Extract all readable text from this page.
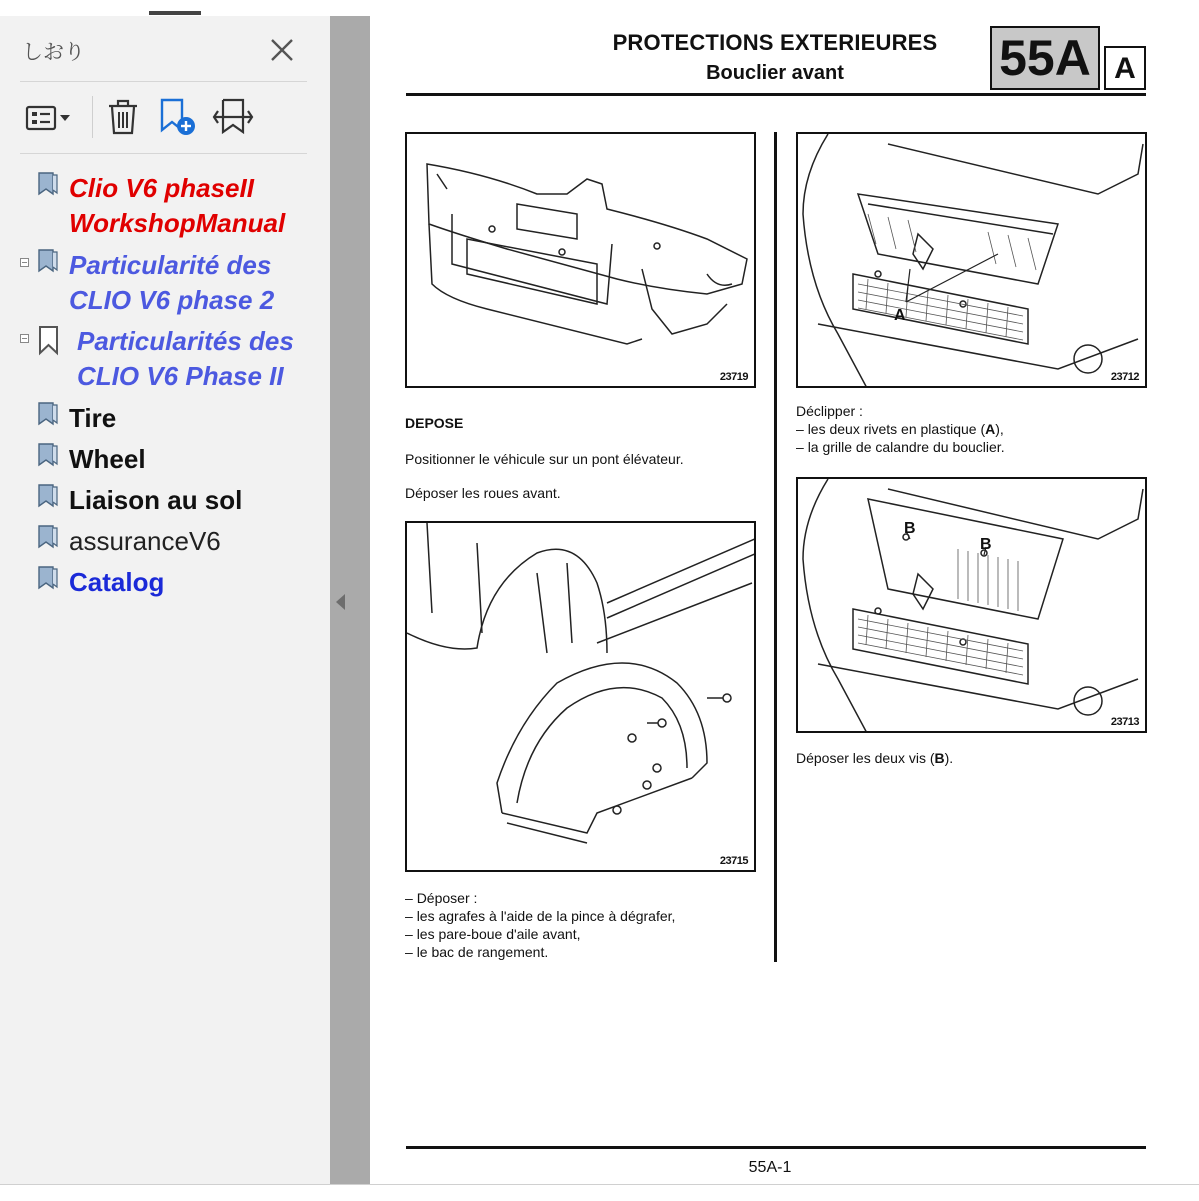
しおり
Clio V6 phaseII
WorkshopManual
Particularité des
CLIO V6 phase 2
Particularités des
CLIO V6 Phase II
Tire
Wheel
Liaison au sol
assuranceV6
Catalog
PROTECTIONS EXTERIEURES
Bouclier avant	55A A
23719
DEPOSE
Positionner le véhicule sur un pont élévateur.
Déposer les roues avant.
23715
– Déposer :
– les agrafes à l'aide de la pince à dégrafer,
– les pare-boue d'aile avant,
– le bac de rangement.
A
23712
Déclipper :
– les deux rivets en plastique (A),
– la grille de calandre du bouclier.
B
B
23713
Déposer les deux vis (B).
55A-1
